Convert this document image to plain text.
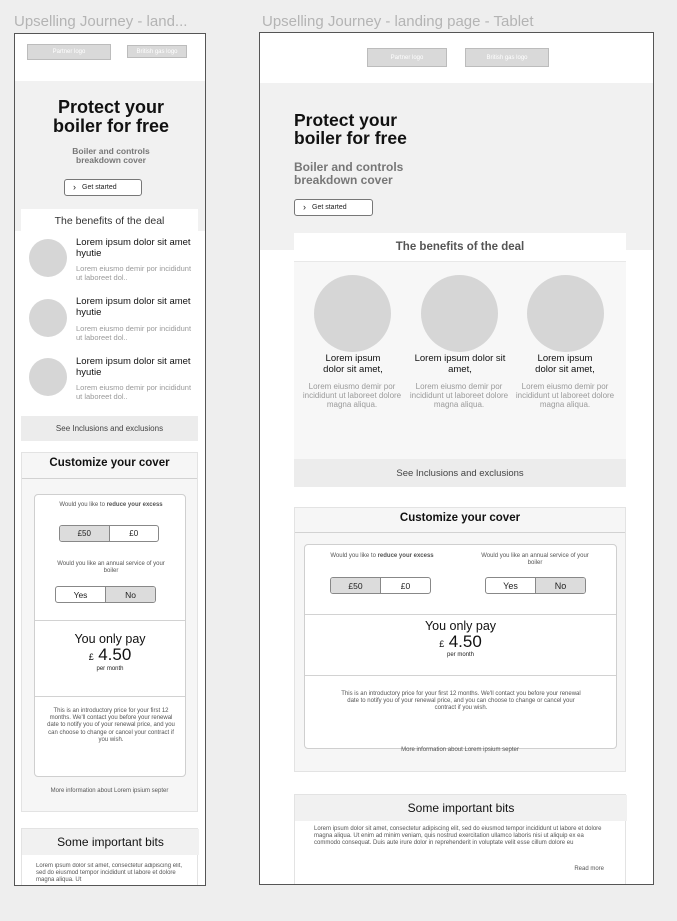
Upselling Journey - land...
Partner logo	British gas logo
Protect your boiler for free
Boiler and controls breakdown cover
› Get started
The benefits of the deal
Lorem ipsum dolor sit amet hyutie
Lorem eiusmo demir por incididunt ut laboreet dol..
Lorem ipsum dolor sit amet hyutie
Lorem eiusmo demir por incididunt ut laboreet dol..
Lorem ipsum dolor sit amet hyutie
Lorem eiusmo demir por incididunt ut laboreet dol..
See Inclusions and exclusions
Customize your cover
Would you like to reduce your excess
£50	£0
Would you like an annual service of your boiler
Yes	No
You only pay
£ 4.50
per month
This is an introductory price for your first 12 months. We'll contact you before your renewal date to notify you of your renewal price, and you can choose to change or cancel your contract if you wish.
More information about Lorem ipsium septer
Some important bits
Lorem ipsum dolor sit amet, consectetur adipiscing elit, sed do eiusmod tempor incididunt ut labore et dolore magna aliqua. Ut
Upselling Journey - landing page - Tablet
Partner logo	British gas logo
Protect your boiler for free
Boiler and controls breakdown cover
› Get started
The benefits of the deal
Lorem ipsum dolor sit amet,
Lorem eiusmo demir por incididunt ut laboreet dolore magna aliqua.
Lorem ipsum dolor sit amet,
Lorem eiusmo demir por incididunt ut laboreet dolore magna aliqua.
Lorem ipsum dolor sit amet,
Lorem eiusmo demir por incididunt ut laboreet dolore magna aliqua.
See Inclusions and exclusions
Customize your cover
Would you like to reduce your excess
£50	£0
Would you like an annual service of your boiler
Yes	No
You only pay
£ 4.50
per month
This is an introductory price for your first 12 months. We'll contact you before your renewal date to notify you of your renewal price, and you can choose to change or cancel your contract if you wish.
More information about Lorem ipsium septer
Some important bits
Lorem ipsum dolor sit amet, consectetur adipiscing elit, sed do eiusmod tempor incididunt ut labore et dolore magna aliqua. Ut enim ad minim veniam, quis nostrud exercitation ullamco laboris nisi ut aliquip ex ea commodo consequat. Duis aute irure dolor in reprehenderit in voluptate velit esse cillum dolore eu
Read more
